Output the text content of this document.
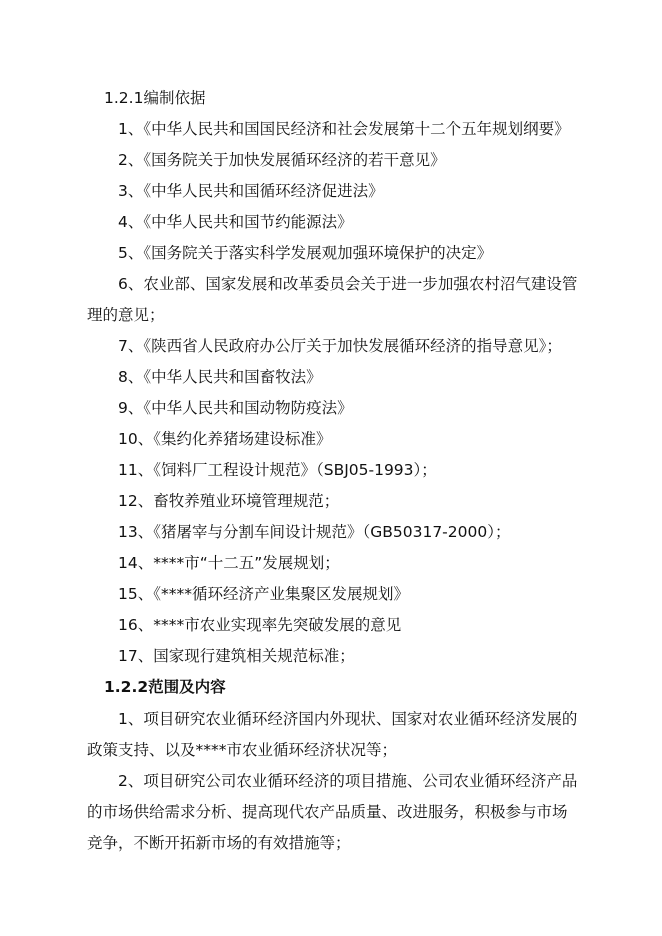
1.2.1编制依据
1、《中华人民共和国国民经济和社会发展第十二个五年规划纲要》
2、《国务院关于加快发展循环经济的若干意见》
3、《中华人民共和国循环经济促进法》
4、《中华人民共和国节约能源法》
5、《国务院关于落实科学发展观加强环境保护的决定》
6、农业部、国家发展和改革委员会关于进一步加强农村沼气建设管
理的意见；
7、《陕西省人民政府办公厅关于加快发展循环经济的指导意见》；
8、《中华人民共和国畜牧法》
9、《中华人民共和国动物防疫法》
10、《集约化养猪场建设标准》
11、《饲料厂工程设计规范》（SBJ05-1993）；
12、畜牧养殖业环境管理规范；
13、《猪屠宰与分割车间设计规范》（GB50317-2000）；
14、****市“十二五”发展规划；
15、《****循环经济产业集聚区发展规划》
16、****市农业实现率先突破发展的意见
17、国家现行建筑相关规范标准；
1.2.2范围及内容
1、项目研究农业循环经济国内外现状、国家对农业循环经济发展的
政策支持、以及****市农业循环经济状况等；
2、项目研究公司农业循环经济的项目措施、公司农业循环经济产品
的市场供给需求分析、提高现代农产品质量、改进服务，积极参与市场
竞争，不断开拓新市场的有效措施等；
